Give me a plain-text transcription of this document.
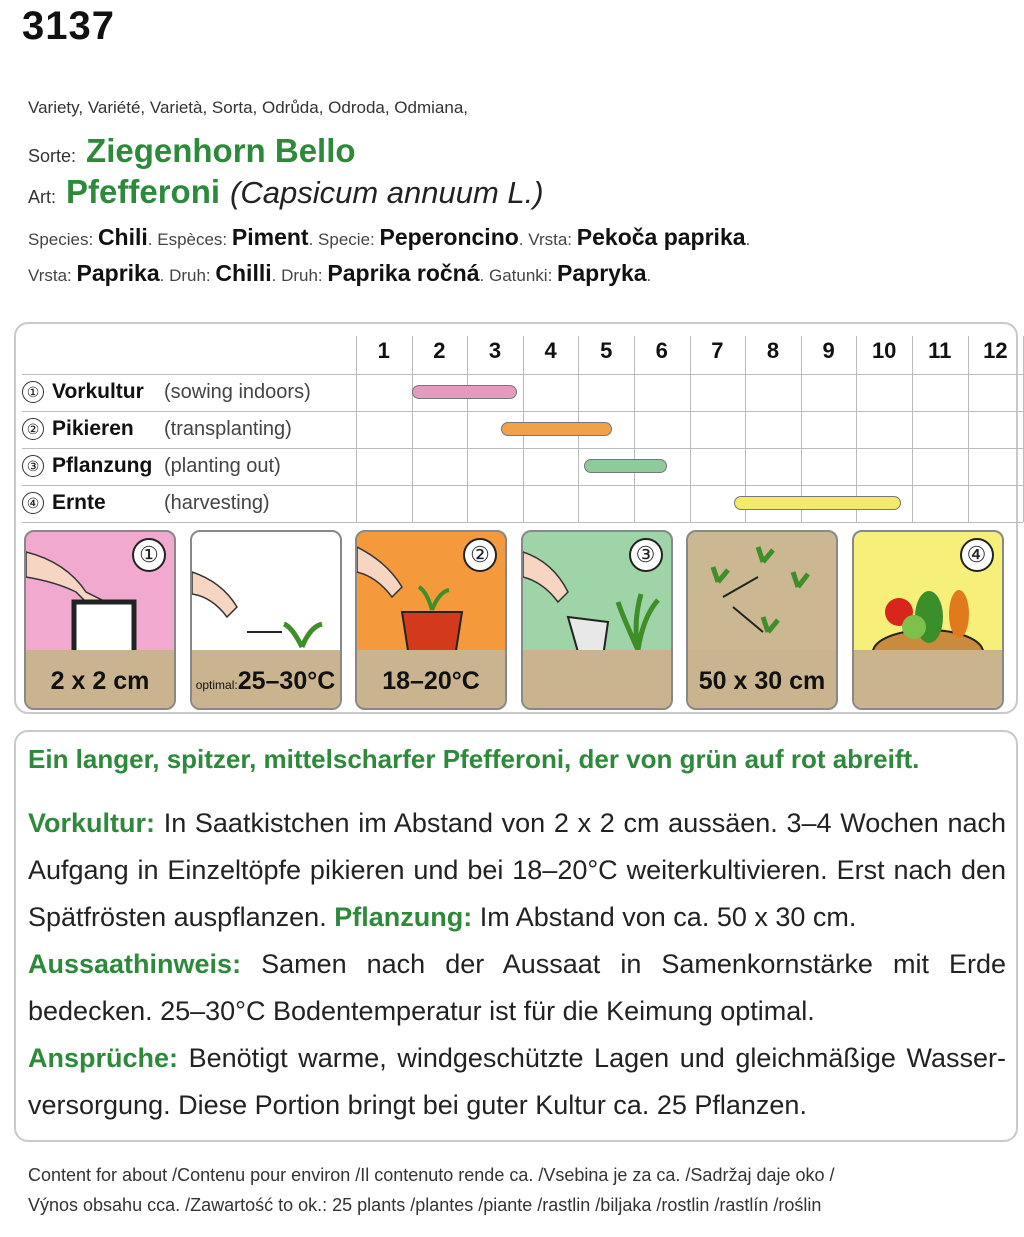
3137
Variety, Variété, Varietà, Sorta, Odrůda, Odroda, Odmiana,
Sorte: Ziegenhorn Bello
Art: Pfefferoni (Capsicum annuum L.)
Species: Chili. Espèces: Piment. Specie: Peperoncino. Vrsta: Pekoča paprika.
Vrsta: Paprika. Druh: Chilli. Druh: Paprika ročná. Gatunki: Papryka.
1	2	3	4	5	6	7	8	9	10	11	12
① Vorkultur (sowing indoors)
② Pikieren (transplanting)
③ Pflanzung (planting out)
④ Ernte	(harvesting)
①
2 x 2 cm	optimal:25–30°C
②
18–20°C
③
50 x 30 cm
④
Ein langer, spitzer, mittelscharfer Pfefferoni, der von grün auf rot abreift.
Vorkultur: In Saatkistchen im Abstand von 2 x 2 cm aussäen. 3–4 Wochen nach Aufgang in Einzeltöpfe pikieren und bei 18–20°C weiterkultivieren. Erst nach den Spätfrösten auspflanzen. Pflanzung: Im Abstand von ca. 50 x 30 cm.
Aussaathinweis: Samen nach der Aussaat in Samenkornstärke mit Erde bedecken. 25–30°C Bodentemperatur ist für die Keimung optimal.
Ansprüche: Benötigt warme, windgeschützte Lagen und gleichmäßige Wasser-versorgung. Diese Portion bringt bei guter Kultur ca. 25 Pflanzen.
Content for about /Contenu pour environ /Il contenuto rende ca. /Vsebina je za ca. /Sadržaj daje oko /
Výnos obsahu cca. /Zawartość to ok.: 25 plants /plantes /piante /rastlin /biljaka /rostlin /rastlín /roślin
